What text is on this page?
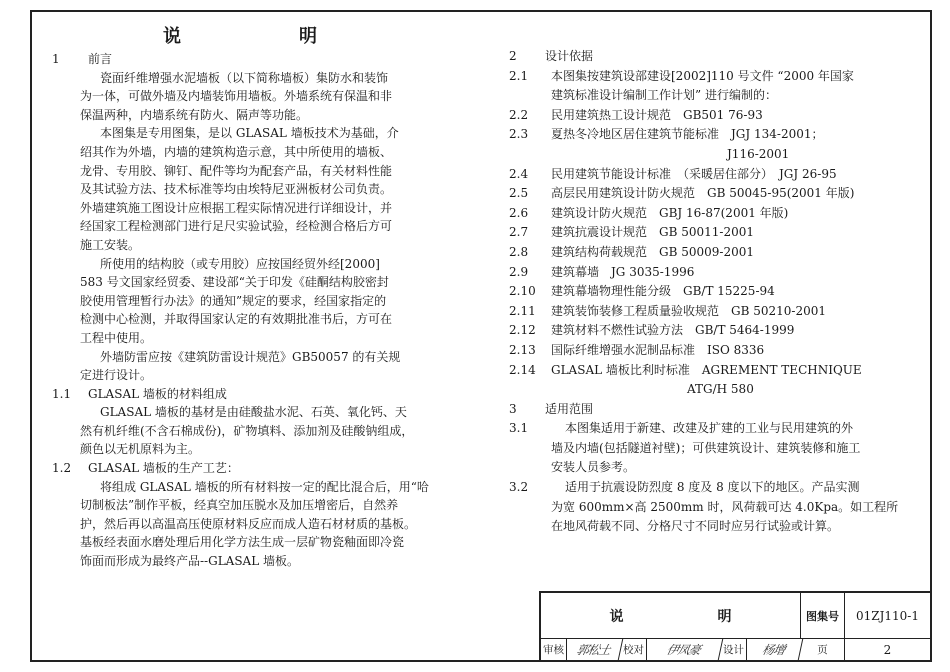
说　明
1	前言

瓷面纤维增强水泥墙板（以下简称墙板）集防水和装饰

为一体，可做外墙及内墙装饰用墙板。外墙系统有保温和非

保温两种，内墙系统有防火、隔声等功能。

本图集是专用图集，是以 GLASAL 墙板技术为基础，介

绍其作为外墙，内墙的建筑构造示意，其中所使用的墙板、

龙骨、专用胶、铆钉、配件等均为配套产品，有关材料性能

及其试验方法、技术标准等均由埃特尼亚洲板材公司负责。

外墙建筑施工图设计应根据工程实际情况进行详细设计，并

经国家工程检测部门进行足尺实验试验，经检测合格后方可

施工安装。

所使用的结构胶（或专用胶）应按国经贸外经[2000]

583 号文国家经贸委、建设部“关于印发《硅酮结构胶密封

胶使用管理暂行办法》的通知”规定的要求，经国家指定的

检测中心检测，并取得国家认定的有效期批准书后，方可在

工程中使用。

外墙防雷应按《建筑防雷设计规范》GB50057 的有关规

定进行设计。

1.1	GLASAL 墙板的材料组成

GLASAL 墙板的基材是由硅酸盐水泥、石英、氧化钙、天

然有机纤维(不含石棉成份)，矿物填料、添加剂及硅酸钠组成，

颜色以无机原料为主。

1.2	GLASAL 墙板的生产工艺：

将组成 GLASAL 墙板的所有材料按一定的配比混合后，用“哈

切制板法”制作平板，经真空加压脱水及加压增密后，自然养

护，然后再以高温高压使原材料反应而成人造石材材质的基板。

基板经表面水磨处理后用化学方法生成一层矿物瓷釉面即冷瓷

饰面而形成为最终产品--GLASAL 墙板。

2	设计依据
2.1	本图集按建筑设部建设[2002]110 号文件 “2000 年国家

建筑标准设计编制工作计划” 进行编制的：

2.2	民用建筑热工设计规范　GB501 76-93
2.3	夏热冬冷地区居住建筑节能标准　JGJ 134-2001；

J116-2001

2.4	民用建筑节能设计标准　（采暖居住部分）　JGJ 26-95
2.5	高层民用建筑设计防火规范　GB 50045-95(2001 年版)
2.6	建筑设计防火规范　GBJ 16-87(2001 年版)
2.7	建筑抗震设计规范　GB 50011-2001
2.8	建筑结构荷载规范　GB 50009-2001
2.9	建筑幕墙　JG 3035-1996
2.10	建筑幕墙物理性能分级　GB/T 15225-94
2.11	建筑装饰装修工程质量验收规范　GB 50210-2001
2.12	建筑材料不燃性试验方法　GB/T 5464-1999
2.13	国际纤维增强水泥制品标准　ISO 8336
2.14	GLASAL 墙板比利时标准　AGREMENT TECHNIQUE

ATG/H 580

3	适用范围
3.1	本图集适用于新建、改建及扩建的工业与民用建筑的外

墙及内墙(包括隧道衬壁)；可供建筑设计、建筑装修和施工

安装人员参考。

3.2	适用于抗震设防烈度 8 度及 8 度以下的地区。产品实测

为宽 600mm×高 2500mm 时，风荷载可达 4.0Kpa。如工程所

在地风荷载不同、分格尺寸不同时应另行试验或计算。

说　明	图集号	01ZJ110-1
审核 郭松土	校对	伊凤豪	设计	杨增	页	2
